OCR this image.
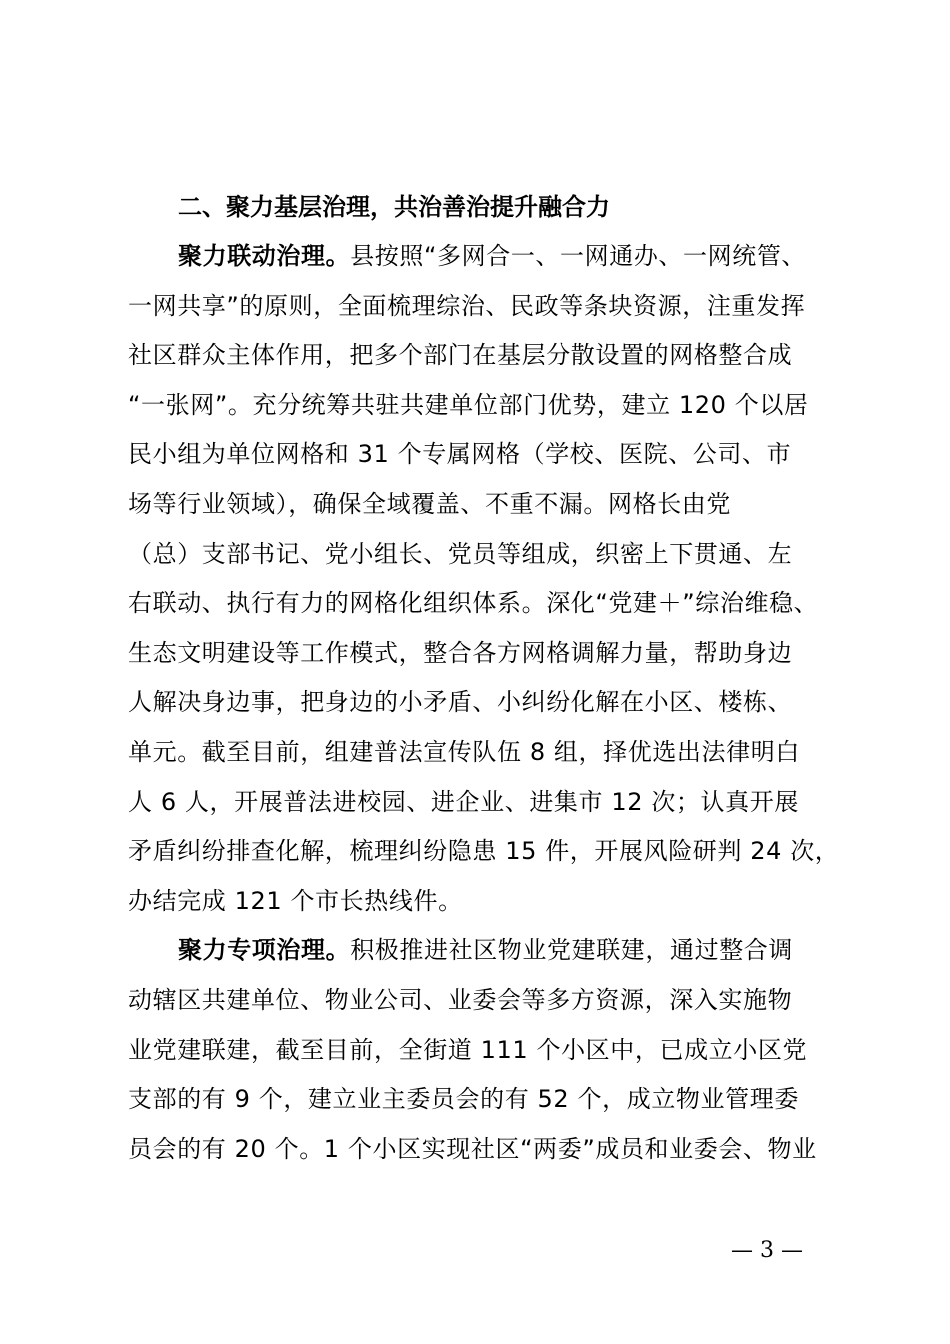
二、聚力基层治理，共治善治提升融合力

聚力联动治理。县按照“多网合一、一网通办、一网统管、
一网共享”的原则，全面梳理综治、民政等条块资源，注重发挥
社区群众主体作用，把多个部门在基层分散设置的网格整合成
“一张网”。充分统筹共驻共建单位部门优势，建立 120 个以居
民小组为单位网格和 31 个专属网格（学校、医院、公司、市
场等行业领域），确保全域覆盖、不重不漏。网格长由党
（总）支部书记、党小组长、党员等组成，织密上下贯通、左
右联动、执行有力的网格化组织体系。深化“党建＋”综治维稳、
生态文明建设等工作模式，整合各方网格调解力量，帮助身边
人解决身边事，把身边的小矛盾、小纠纷化解在小区、楼栋、
单元。截至目前，组建普法宣传队伍 8 组，择优选出法律明白
人 6 人，开展普法进校园、进企业、进集市 12 次；认真开展
矛盾纠纷排查化解，梳理纠纷隐患 15 件，开展风险研判 24 次，
办结完成 121 个市长热线件。
聚力专项治理。积极推进社区物业党建联建，通过整合调
动辖区共建单位、物业公司、业委会等多方资源，深入实施物
业党建联建，截至目前，全街道 111 个小区中，已成立小区党
支部的有 9 个，建立业主委员会的有 52 个，成立物业管理委
员会的有 20 个。1 个小区实现社区“两委”成员和业委会、物业
— 3 —
